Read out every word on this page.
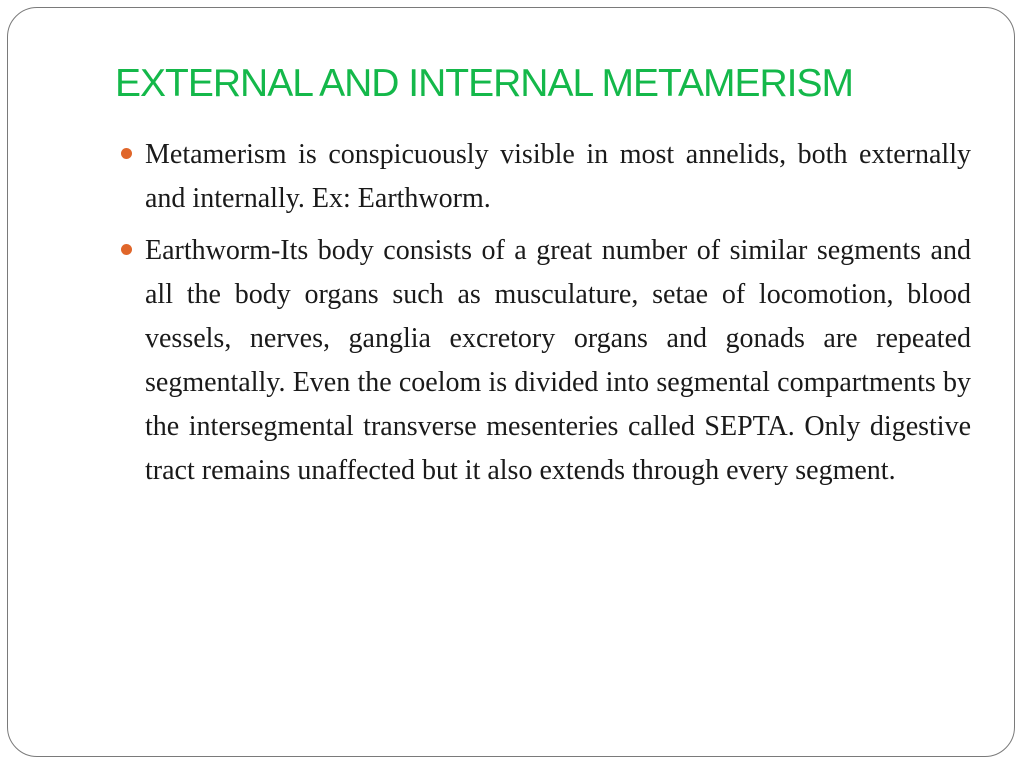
EXTERNAL AND INTERNAL METAMERISM
Metamerism is conspicuously visible in most annelids, both externally and internally. Ex: Earthworm.
Earthworm-Its body consists of a great number of similar segments and all the body organs such as musculature, setae of locomotion, blood vessels, nerves, ganglia excretory organs and gonads are repeated segmentally. Even the coelom is divided into segmental compartments by the intersegmental transverse mesenteries called SEPTA. Only digestive tract remains unaffected but it also extends through every segment.
